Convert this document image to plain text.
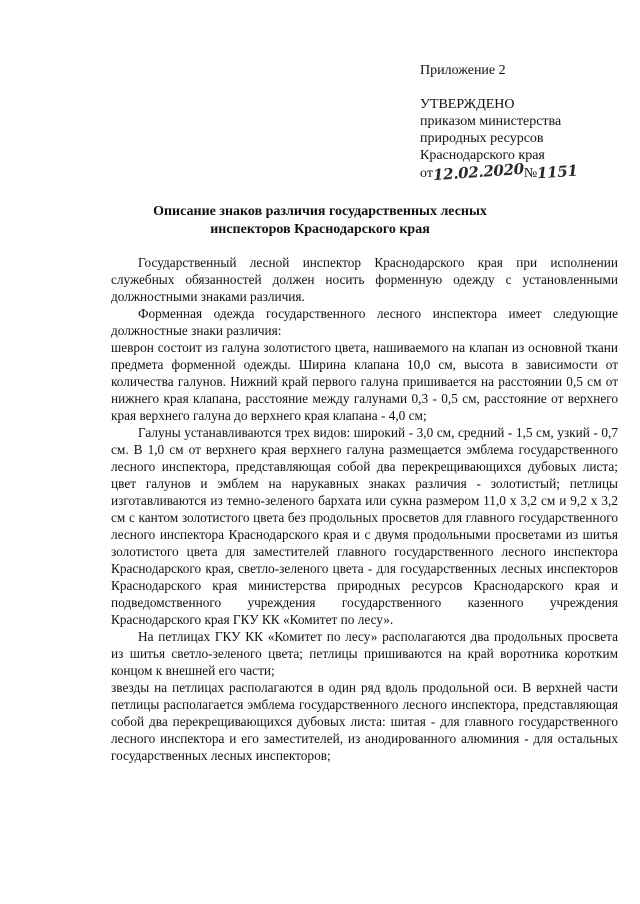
Приложение 2
УТВЕРЖДЕНО
приказом министерства
природных ресурсов
Краснодарского края
от12.02.2020№1151
Описание знаков различия государственных лесных
инспекторов Краснодарского края

Государственный лесной инспектор Краснодарского края при исполнении служебных обязанностей должен носить форменную одежду с установленными должностными знаками различия.

Форменная одежда государственного лесного инспектора имеет следующие должностные знаки различия:

шеврон состоит из галуна золотистого цвета, нашиваемого на клапан из основной ткани предмета форменной одежды. Ширина клапана 10,0 см, высота в зависимости от количества галунов. Нижний край первого галуна пришивается на расстоянии 0,5 см от нижнего края клапана, расстояние между галунами 0,3 - 0,5 см, расстояние от верхнего края верхнего галуна до верхнего края клапана - 4,0 см;

Галуны устанавливаются трех видов: широкий - 3,0 см, средний - 1,5 см, узкий - 0,7 см. В 1,0 см от верхнего края верхнего галуна размещается эмблема государственного лесного инспектора, представляющая собой два перекрещивающихся дубовых листа; цвет галунов и эмблем на нарукавных знаках различия - золотистый; петлицы изготавливаются из темно-зеленого бархата или сукна размером 11,0 х 3,2 см и 9,2 х 3,2 см с кантом золотистого цвета без продольных просветов для главного государственного лесного инспектора Краснодарского края и с двумя продольными просветами из шитья золотистого цвета для заместителей главного государственного лесного инспектора Краснодарского края, светло-зеленого цвета - для государственных лесных инспекторов Краснодарского края министерства природных ресурсов Краснодарского края и подведомственного учреждения государственного казенного учреждения Краснодарского края ГКУ КК «Комитет по лесу».

На петлицах ГКУ КК «Комитет по лесу» располагаются два продольных просвета из шитья светло-зеленого цвета; петлицы пришиваются на край воротника коротким концом к внешней его части;

звезды на петлицах располагаются в один ряд вдоль продольной оси. В верхней части петлицы располагается эмблема государственного лесного инспектора, представляющая собой два перекрещивающихся дубовых листа: шитая - для главного государственного лесного инспектора и его заместителей, из анодированного алюминия - для остальных государственных лесных инспекторов;
